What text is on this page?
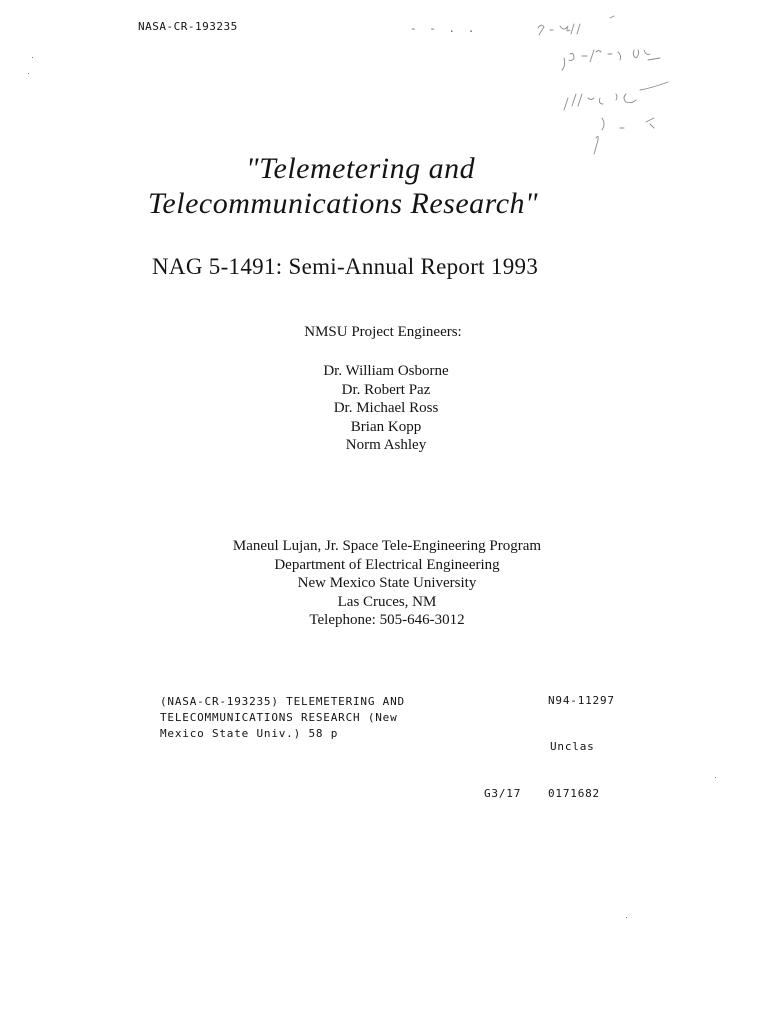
NASA-CR-193235	- - . .
"Telemetering and
Telecommunications Research"
NAG 5-1491: Semi-Annual Report 1993
NMSU Project Engineers:
Dr. William Osborne
Dr. Robert Paz
Dr. Michael Ross
Brian Kopp
Norm Ashley
Maneul Lujan, Jr. Space Tele-Engineering Program
Department of Electrical Engineering
New Mexico State University
Las Cruces, NM
Telephone: 505-646-3012
(NASA-CR-193235) TELEMETERING AND
TELECOMMUNICATIONS RESEARCH (New
Mexico State Univ.) 58 p
N94-11297
Unclas
G3/17 0171682
